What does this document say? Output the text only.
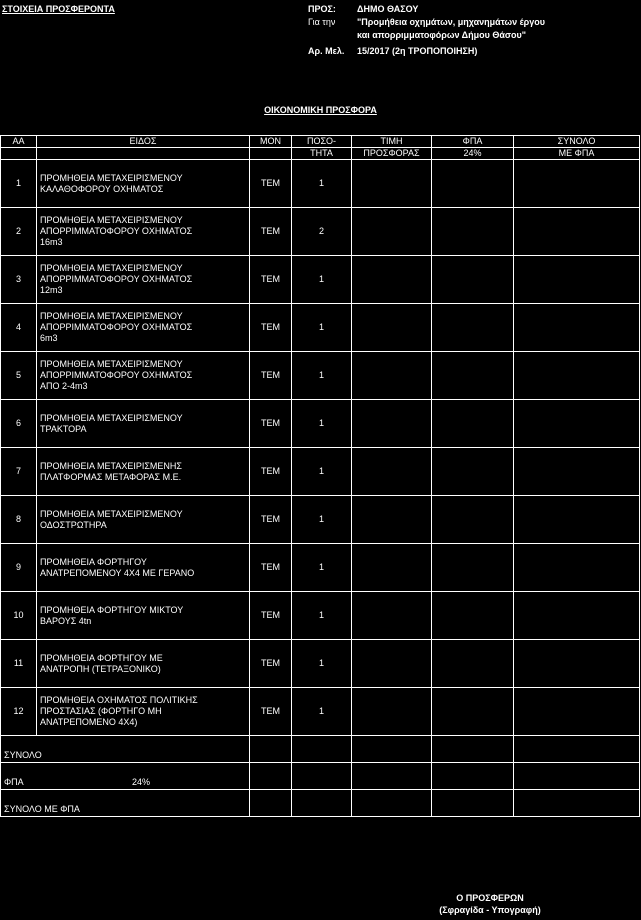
ΣΤΟΙΧΕΙΑ ΠΡΟΣΦΕΡΟΝΤΑ	ΠΡΟΣ: ΔΗΜΟ ΘΑΣΟΥ
Για την "Προμήθεια οχημάτων, μηχανημάτων έργου
και απορριμματοφόρων Δήμου Θάσου"
Αρ. Μελ. 15/2017 (2η ΤΡΟΠΟΠΟΙΗΣΗ)
ΟΙΚΟΝΟΜΙΚΗ ΠΡΟΣΦΟΡΑ
ΑΑ	ΕΙΔΟΣ	ΜΟΝ	ΠΟΣΟ-	ΤΙΜΗ	ΦΠΑ	ΣΥΝΟΛΟ
			ΤΗΤΑ	ΠΡΟΣΦΟΡΑΣ	24%	ΜΕ ΦΠΑ
1	ΠΡΟΜΗΘΕΙΑ ΜΕΤΑΧΕΙΡΙΣΜΕΝΟΥ
ΚΑΛΑΘΟΦΟΡΟΥ ΟΧΗΜΑΤΟΣ	ΤΕΜ	1			
2	ΠΡΟΜΗΘΕΙΑ ΜΕΤΑΧΕΙΡΙΣΜΕΝΟΥ
ΑΠΟΡΡΙΜΜΑΤΟΦΟΡΟΥ ΟΧΗΜΑΤΟΣ
16m3	ΤΕΜ	2			
3	ΠΡΟΜΗΘΕΙΑ ΜΕΤΑΧΕΙΡΙΣΜΕΝΟΥ
ΑΠΟΡΡΙΜΜΑΤΟΦΟΡΟΥ ΟΧΗΜΑΤΟΣ
12m3	ΤΕΜ	1			
4	ΠΡΟΜΗΘΕΙΑ ΜΕΤΑΧΕΙΡΙΣΜΕΝΟΥ
ΑΠΟΡΡΙΜΜΑΤΟΦΟΡΟΥ ΟΧΗΜΑΤΟΣ
6m3	ΤΕΜ	1			
5	ΠΡΟΜΗΘΕΙΑ ΜΕΤΑΧΕΙΡΙΣΜΕΝΟΥ
ΑΠΟΡΡΙΜΜΑΤΟΦΟΡΟΥ ΟΧΗΜΑΤΟΣ
ΑΠΟ 2-4m3	ΤΕΜ	1			
6	ΠΡΟΜΗΘΕΙΑ ΜΕΤΑΧΕΙΡΙΣΜΕΝΟΥ
ΤΡΑΚΤΟΡΑ	ΤΕΜ	1			
7	ΠΡΟΜΗΘΕΙΑ ΜΕΤΑΧΕΙΡΙΣΜΕΝΗΣ
ΠΛΑΤΦΟΡΜΑΣ ΜΕΤΑΦΟΡΑΣ Μ.Ε.	ΤΕΜ	1			
8	ΠΡΟΜΗΘΕΙΑ ΜΕΤΑΧΕΙΡΙΣΜΕΝΟΥ
ΟΔΟΣΤΡΩΤΗΡΑ	ΤΕΜ	1			
9	ΠΡΟΜΗΘΕΙΑ ΦΟΡΤΗΓΟΥ
ΑΝΑΤΡΕΠΟΜΕΝΟΥ 4Χ4 ΜΕ ΓΕΡΑΝΟ	ΤΕΜ	1			
10	ΠΡΟΜΗΘΕΙΑ ΦΟΡΤΗΓΟΥ ΜΙΚΤΟΥ
ΒΑΡΟΥΣ 4tn	ΤΕΜ	1			
11	ΠΡΟΜΗΘΕΙΑ ΦΟΡΤΗΓΟΥ ΜΕ
ΑΝΑΤΡΟΠΗ (ΤΕΤΡΑΞΟΝΙΚΟ)	ΤΕΜ	1			
12	ΠΡΟΜΗΘΕΙΑ ΟΧΗΜΑΤΟΣ ΠΟΛΙΤΙΚΗΣ
ΠΡΟΣΤΑΣΙΑΣ (ΦΟΡΤΗΓΟ ΜΗ
ΑΝΑΤΡΕΠΟΜΕΝΟ 4Χ4)	ΤΕΜ	1			
ΣΥΝΟΛΟ						
ΦΠΑ 24%						

ΣΥΝΟΛΟ ΜΕ ΦΠΑ						
Ο ΠΡΟΣΦΕΡΩΝ
(Σφραγίδα - Υπογραφή)
